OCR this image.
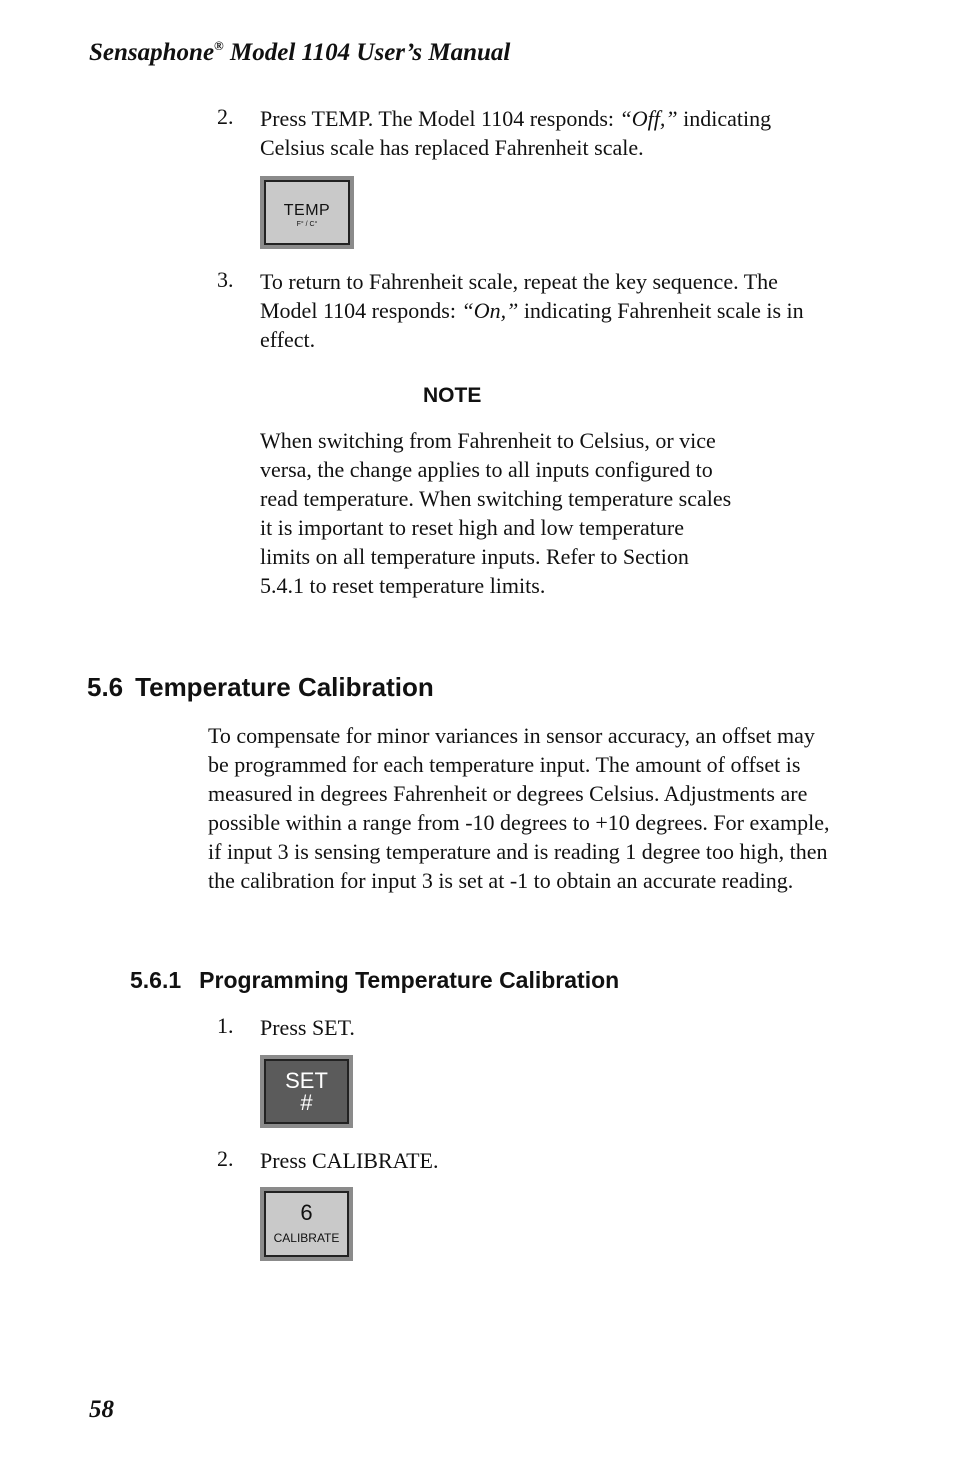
Sensaphone® Model 1104 User’s Manual
2. Press TEMP. The Model 1104 responds: “Off,” indicating Celsius scale has replaced Fahrenheit scale.

TEMP
F° / C°
3. To return to Fahrenheit scale, repeat the key sequence. The Model 1104 responds: “On,” indicating Fahrenheit scale is in effect.

NOTE

When switching from Fahrenheit to Celsius, or vice versa, the change applies to all inputs configured to read temperature. When switching temperature scales it is important to reset high and low temperature limits on all temperature inputs. Refer to Section 5.4.1 to reset temperature limits.

5.6 Temperature Calibration

To compensate for minor variances in sensor accuracy, an offset may be programmed for each temperature input. The amount of offset is measured in degrees Fahrenheit or degrees Celsius. Adjustments are possible within a range from -10 degrees to +10 degrees. For example, if input 3 is sensing temperature and is reading 1 degree too high, then the calibration for input 3 is set at -1 to obtain an accurate reading.

5.6.1 Programming Temperature Calibration
1. Press SET.
SET
#
2. Press CALIBRATE.
6
CALIBRATE
58
